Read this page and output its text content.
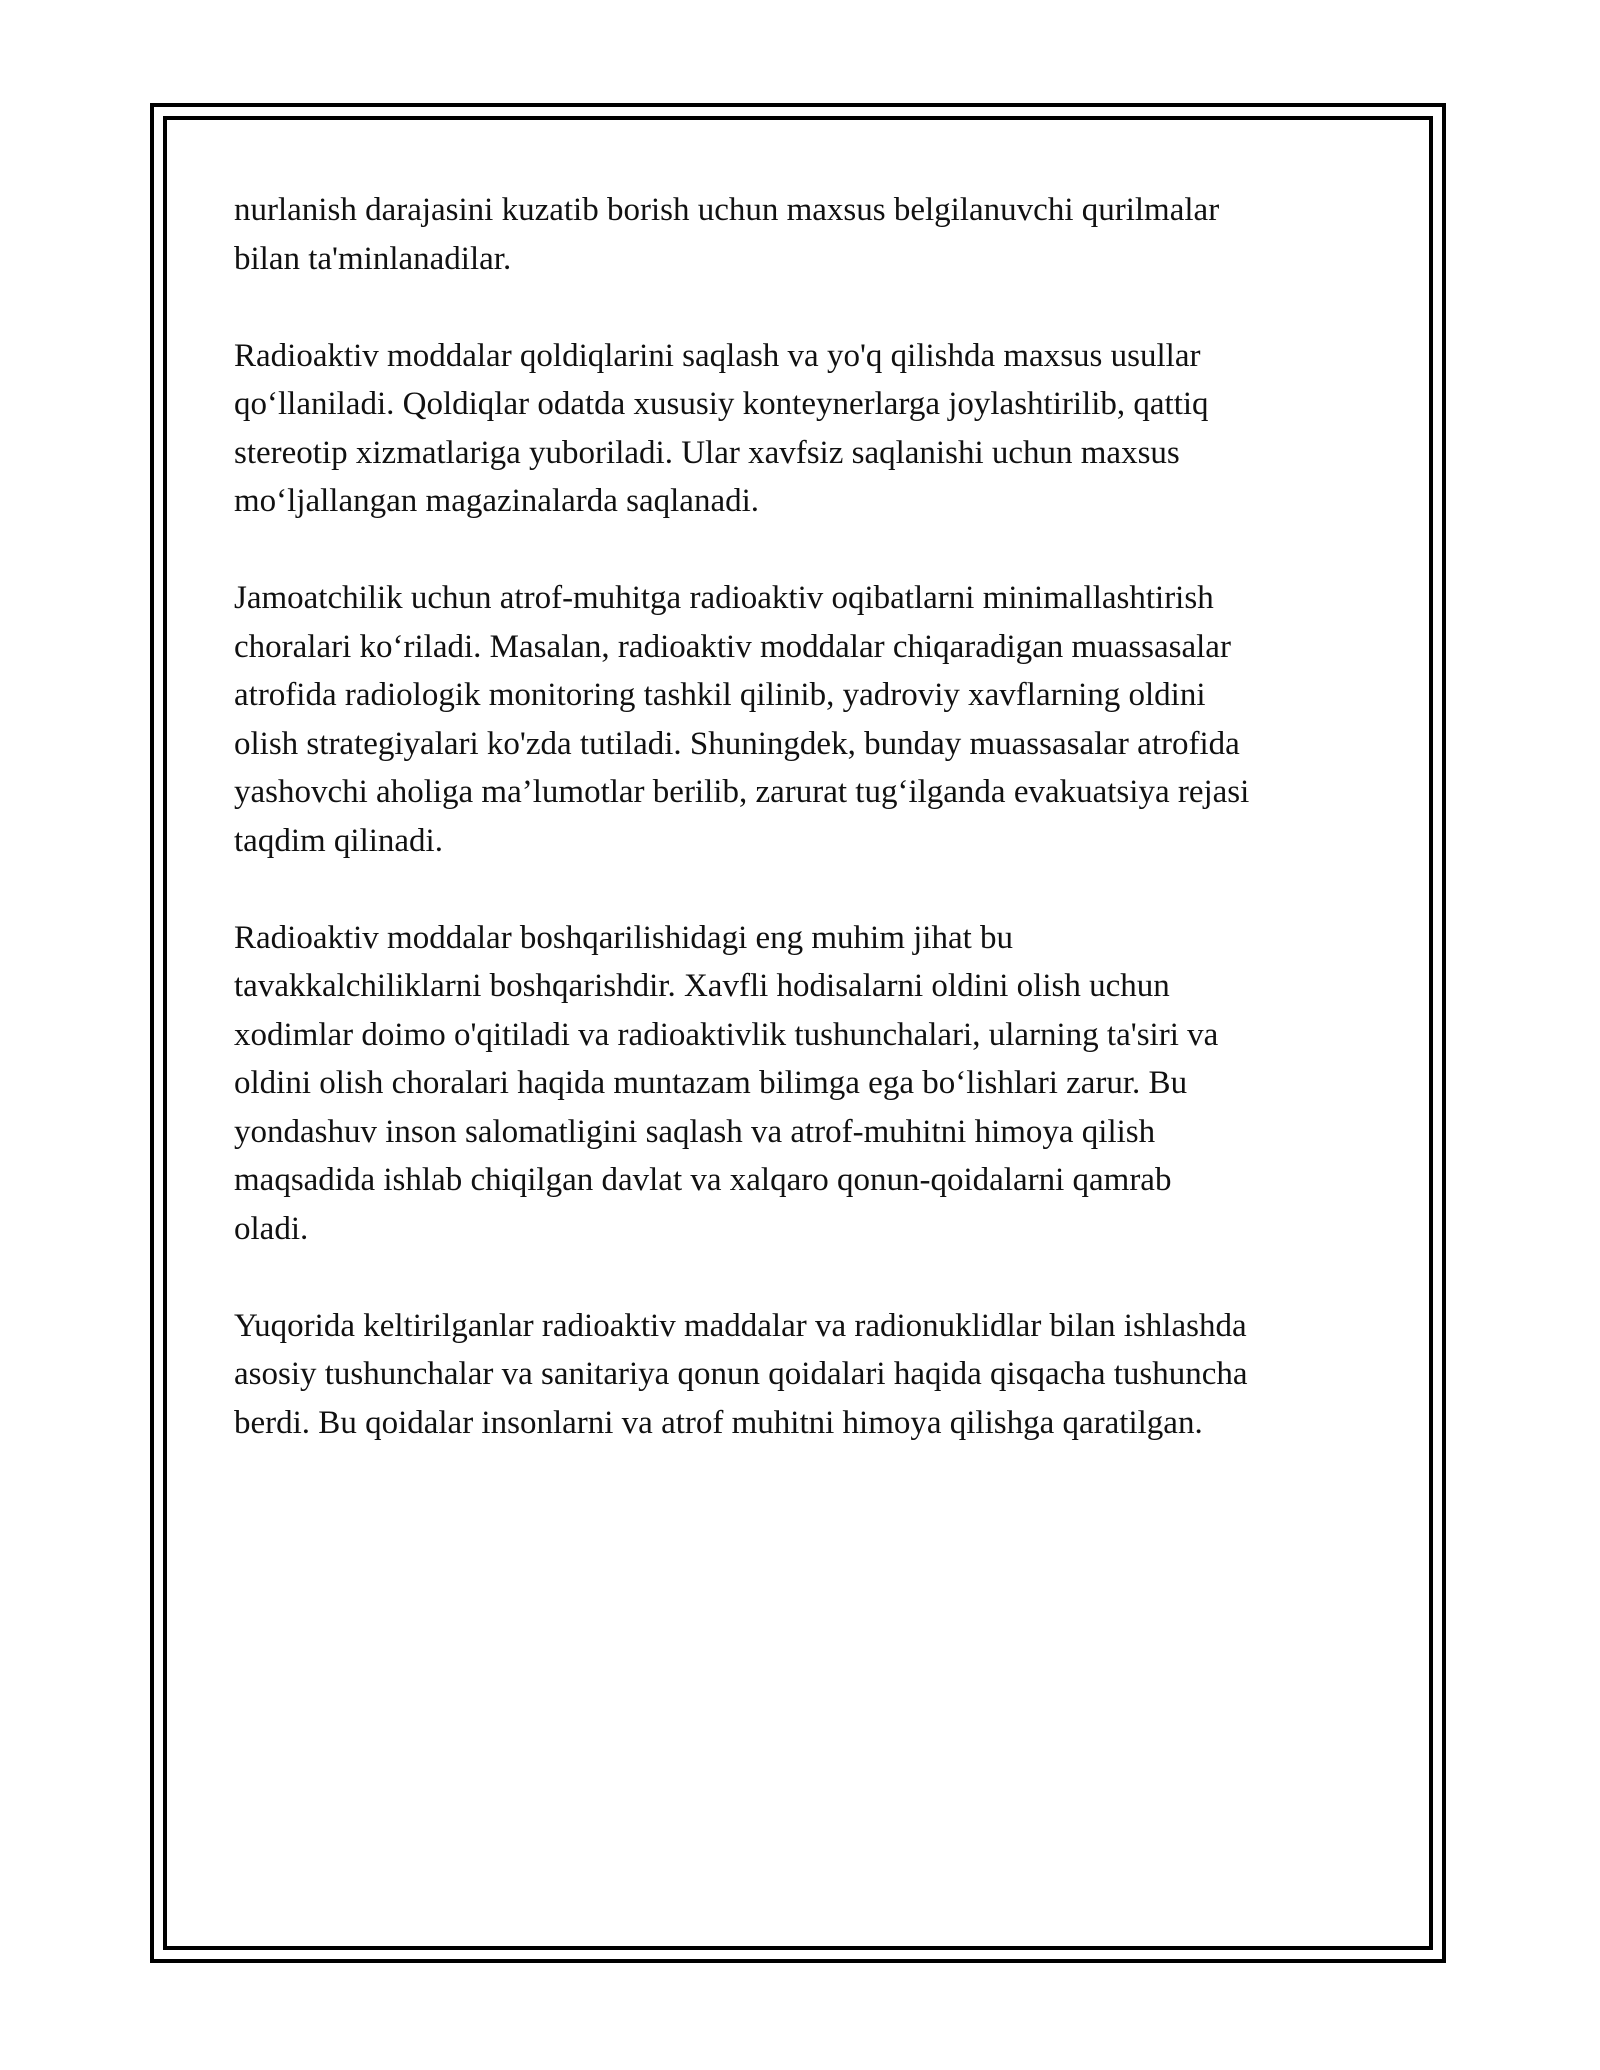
nurlanish darajasini kuzatib borish uchun maxsus belgilanuvchi qurilmalar
bilan ta'minlanadilar.

Radioaktiv moddalar qoldiqlarini saqlash va yo'q qilishda maxsus usullar
qo‘llaniladi. Qoldiqlar odatda xususiy konteynerlarga joylashtirilib, qattiq
stereotip xizmatlariga yuboriladi. Ular xavfsiz saqlanishi uchun maxsus
mo‘ljallangan magazinalarda saqlanadi.

Jamoatchilik uchun atrof-muhitga radioaktiv oqibatlarni minimallashtirish
choralari ko‘riladi. Masalan, radioaktiv moddalar chiqaradigan muassasalar
atrofida radiologik monitoring tashkil qilinib, yadroviy xavflarning oldini
olish strategiyalari ko'zda tutiladi. Shuningdek, bunday muassasalar atrofida
yashovchi aholiga ma’lumotlar berilib, zarurat tug‘ilganda evakuatsiya rejasi
taqdim qilinadi.

Radioaktiv moddalar boshqarilishidagi eng muhim jihat bu
tavakkalchiliklarni boshqarishdir. Xavfli hodisalarni oldini olish uchun
xodimlar doimo o'qitiladi va radioaktivlik tushunchalari, ularning ta'siri va
oldini olish choralari haqida muntazam bilimga ega bo‘lishlari zarur. Bu
yondashuv inson salomatligini saqlash va atrof-muhitni himoya qilish
maqsadida ishlab chiqilgan davlat va xalqaro qonun-qoidalarni qamrab
oladi.

Yuqorida keltirilganlar radioaktiv maddalar va radionuklidlar bilan ishlashda
asosiy tushunchalar va sanitariya qonun qoidalari haqida qisqacha tushuncha
berdi. Bu qoidalar insonlarni va atrof muhitni himoya qilishga qaratilgan.
